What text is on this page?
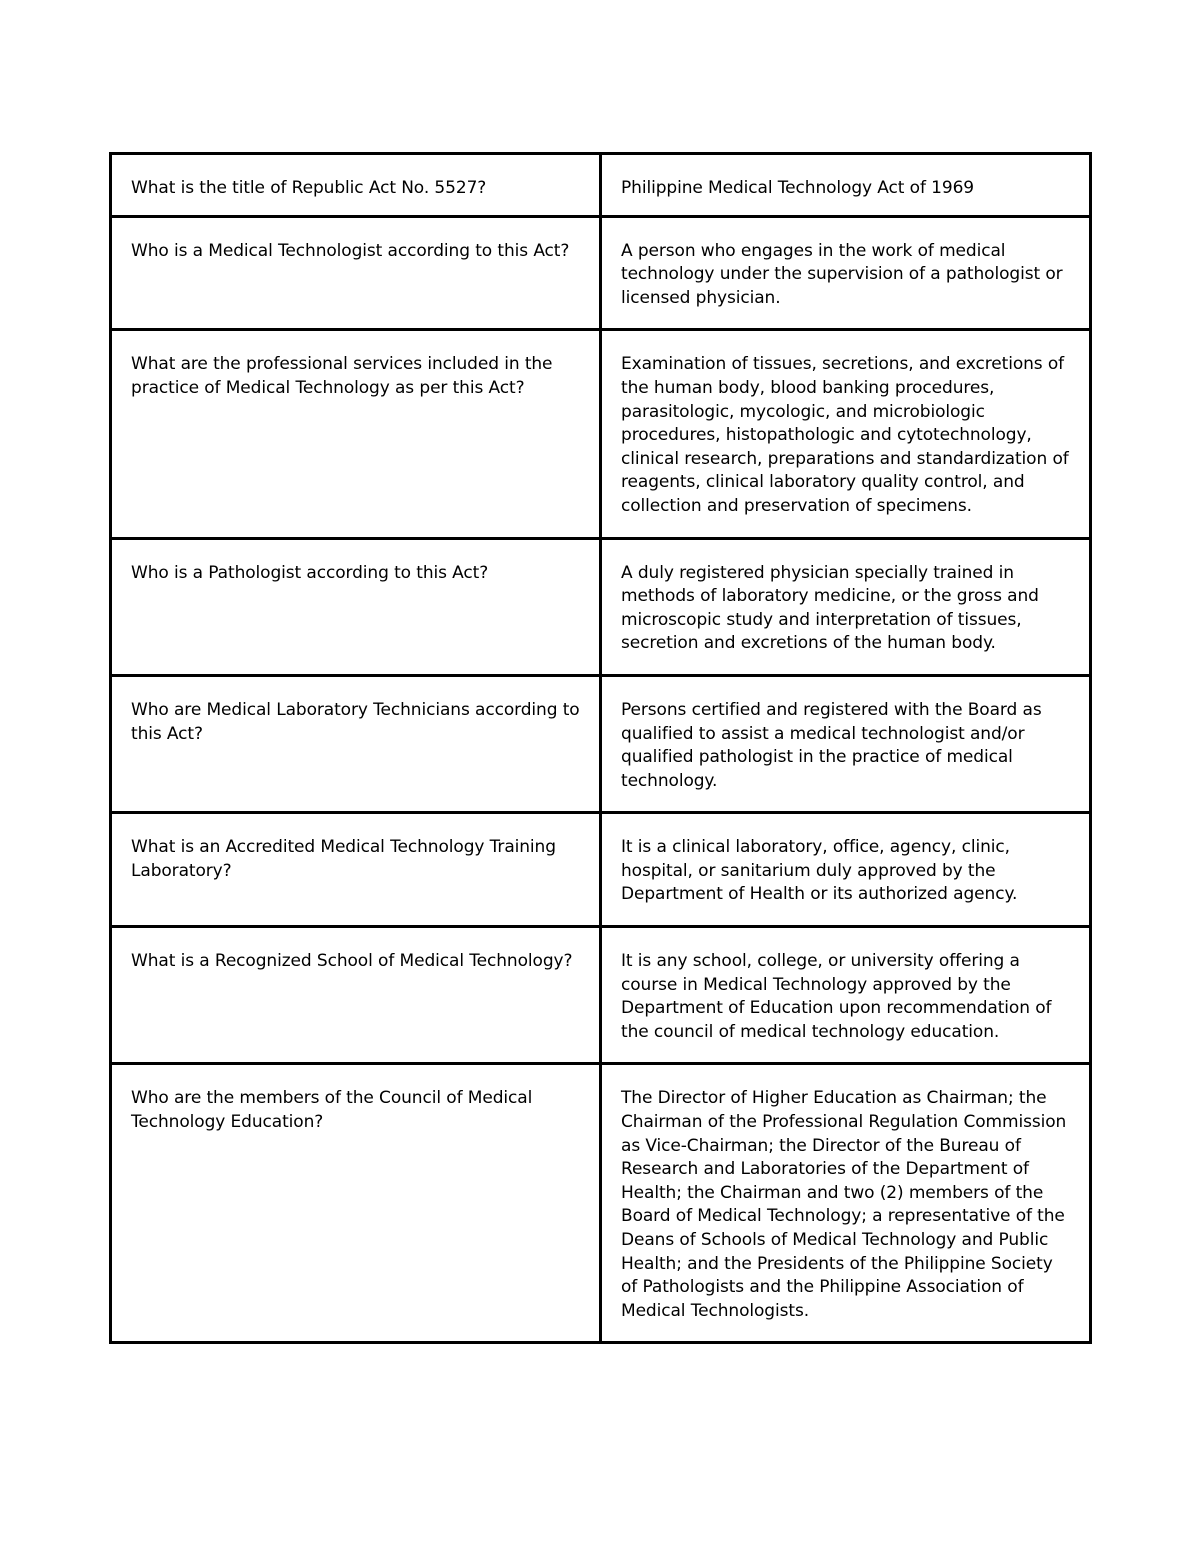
What is the title of Republic Act No. 5527?	Philippine Medical Technology Act of 1969
Who is a Medical Technologist according to this Act?	A person who engages in the work of medical technology under the supervision of a pathologist or licensed physician.
What are the professional services included in the practice of Medical Technology as per this Act?	Examination of tissues, secretions, and excretions of the human body, blood banking procedures, parasitologic, mycologic, and microbiologic procedures, histopathologic and cytotechnology, clinical research, preparations and standardization of reagents, clinical laboratory quality control, and collection and preservation of specimens.
Who is a Pathologist according to this Act?	A duly registered physician specially trained in methods of laboratory medicine, or the gross and microscopic study and interpretation of tissues, secretion and excretions of the human body.
Who are Medical Laboratory Technicians according to this Act?	Persons certified and registered with the Board as qualified to assist a medical technologist and/or qualified pathologist in the practice of medical technology.
What is an Accredited Medical Technology Training Laboratory?	It is a clinical laboratory, office, agency, clinic, hospital, or sanitarium duly approved by the Department of Health or its authorized agency.
What is a Recognized School of Medical Technology?	It is any school, college, or university offering a course in Medical Technology approved by the Department of Education upon recommendation of the council of medical technology education.
Who are the members of the Council of Medical Technology Education?	The Director of Higher Education as Chairman; the Chairman of the Professional Regulation Commission as Vice-Chairman; the Director of the Bureau of Research and Laboratories of the Department of Health; the Chairman and two (2) members of the Board of Medical Technology; a representative of the Deans of Schools of Medical Technology and Public Health; and the Presidents of the Philippine Society of Pathologists and the Philippine Association of Medical Technologists.
